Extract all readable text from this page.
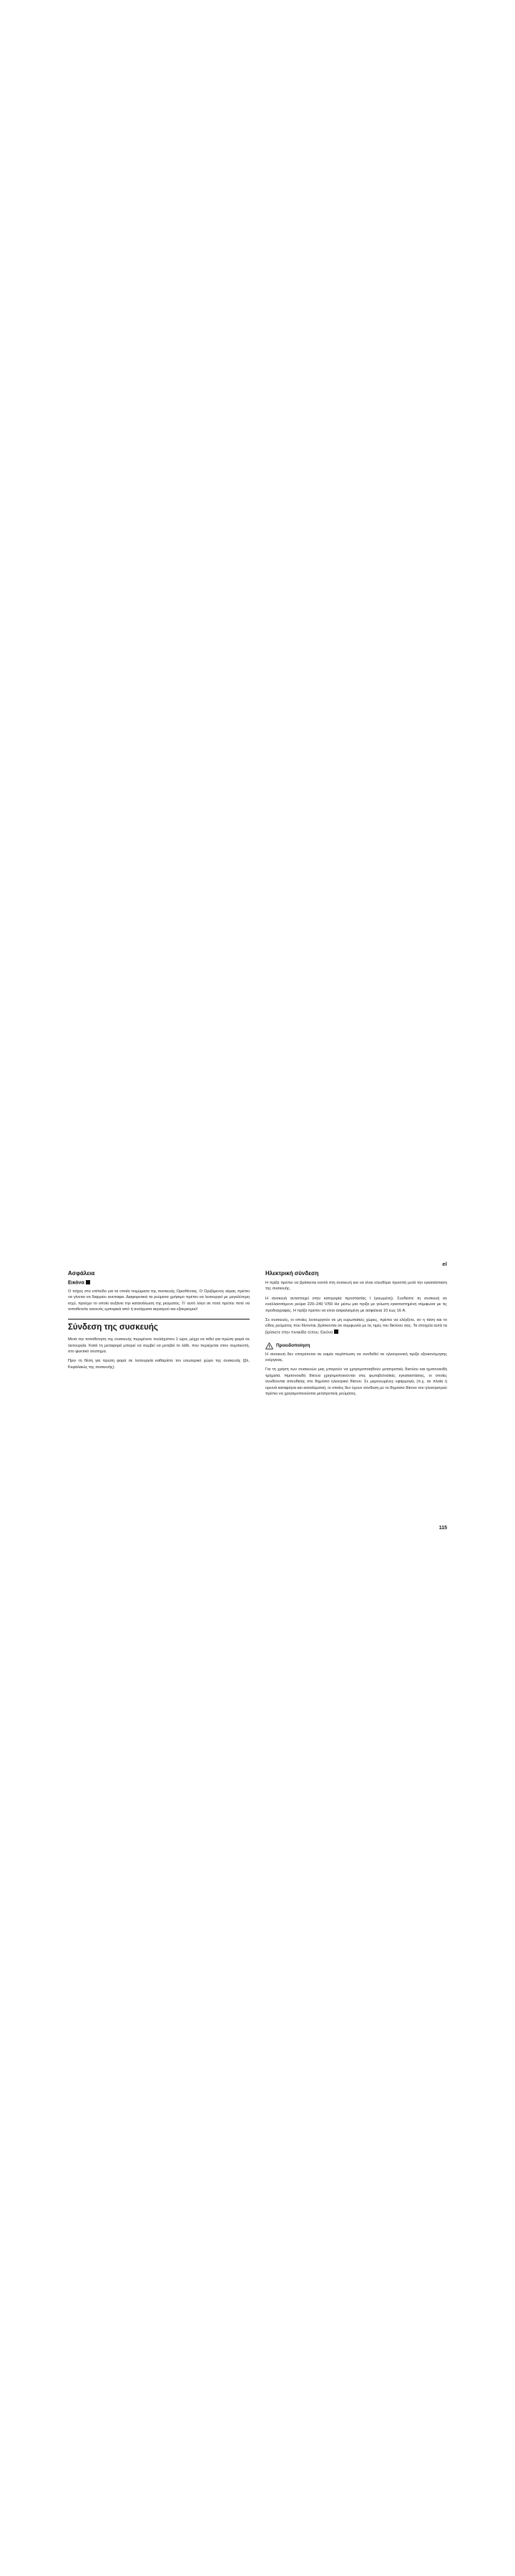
el
Ασφάλεια
Εικόνα

Ο τοίχος στο επίπεδο για τα οποία τοιχώματα της συσκευής Ορισθέντας. Ο Οριζόμενος αέρας πρέπει να γίνεται να διαρρέει ανεπαφα. Διαφορετικά τα ρεύματα χρήσιμο πρέπει να λειτουργεί με μεγαλύτερη ισχύ, προέχει το οποίο αυξάνει την κατανάλωση της ρεύματος. Γι' αυτό λόγο σε ποτέ πρέπει ποτέ να τοποθετείτε κανενός εμπορικά από ή ανοίγματα αερισμού και εξαερισμού!

Σύνδεση της συσκευής

Μετά την τοποθέτηση της συσκευής περιμένετε τουλάχιστον 1 ώρα, μέχρι να τεθεί για πρώτη φορά σε λειτουργία. Κατά τη μεταφορά μπορεί να συμβεί να μετεβεί το λάδι, που περιέχεται στον συμπιεστή, στο ψυκτικό σύστημα.

Πριν τη θέση για πρώτη φορά σε λειτουργία καθαρίστε τον εσωτερικό χώρο της συσκευής (βλ. Κεφαλαιώς της συσκευής).

Ηλεκτρική σύνδεση

Η πρίζα πρέπει να βρίσκεται κοντά στη συσκευή και να είναι ελευθέρα προσιτή μετά την εγκατάσταση της συσκευής.

Η συσκευή αντιστοιχεί στην κατηγορία προστασίας I (γειωμένη). Συνδέστε τη συσκευή σε εναλλασσόμενο ρεύμα 220–240 V/50 Hz μέσω μια πρίζα με γείωση εγκατεστημένη σύμφωνα με τις προδιαγραφές. Η πρίζα πρέπει να είναι ασφαλισμένη με ασφάλεια 10 έως 16 A.

Σε συσκευές, οι οποίες λειτουργούν σε μη ευρωπαϊκές χώρες, πρέπει να ελέγξετε, αν η τάση και το είδος ρεύματος που δίνονται, βρίσκονται σε συμφωνία με τις τιμές του δικτύου σας. Τα στοιχεία αυτά τα βρίσκετε στην πινακίδα τύπου. Εικόνα

Προειδοποίηση

Η συσκευή δεν επιτρέπεται σε καμία περίπτωση να συνδεθεί σε ηλεκτρονική πρίζα εξοικονόμησης ενέργειας.

Για τη χρήση των συσκευών μας μπορούν να χρησιμοποιηθούν μετατροπείς δικτύου και ημιτονοειδή τμήματα. Ημιτονοειδή δίκτυα χρησιμοποιούνται στις φωτοβολταϊκές εγκαταστάσεις, οι οποίες συνδέονται απευθείας στο δημόσιο ηλεκτρικό δίκτυο. Σε μεμονωμένες εφαρμογές (π.χ. σε πλοία ή ορεινά καταφύγια και καταλύματα), οι οποίες δεν έχουν σύνδεση με το δημόσιο δίκτυο του ηλεκτρισμού πρέπει να χρησιμοποιούνται μετατροπείς ρεύματος.

115
